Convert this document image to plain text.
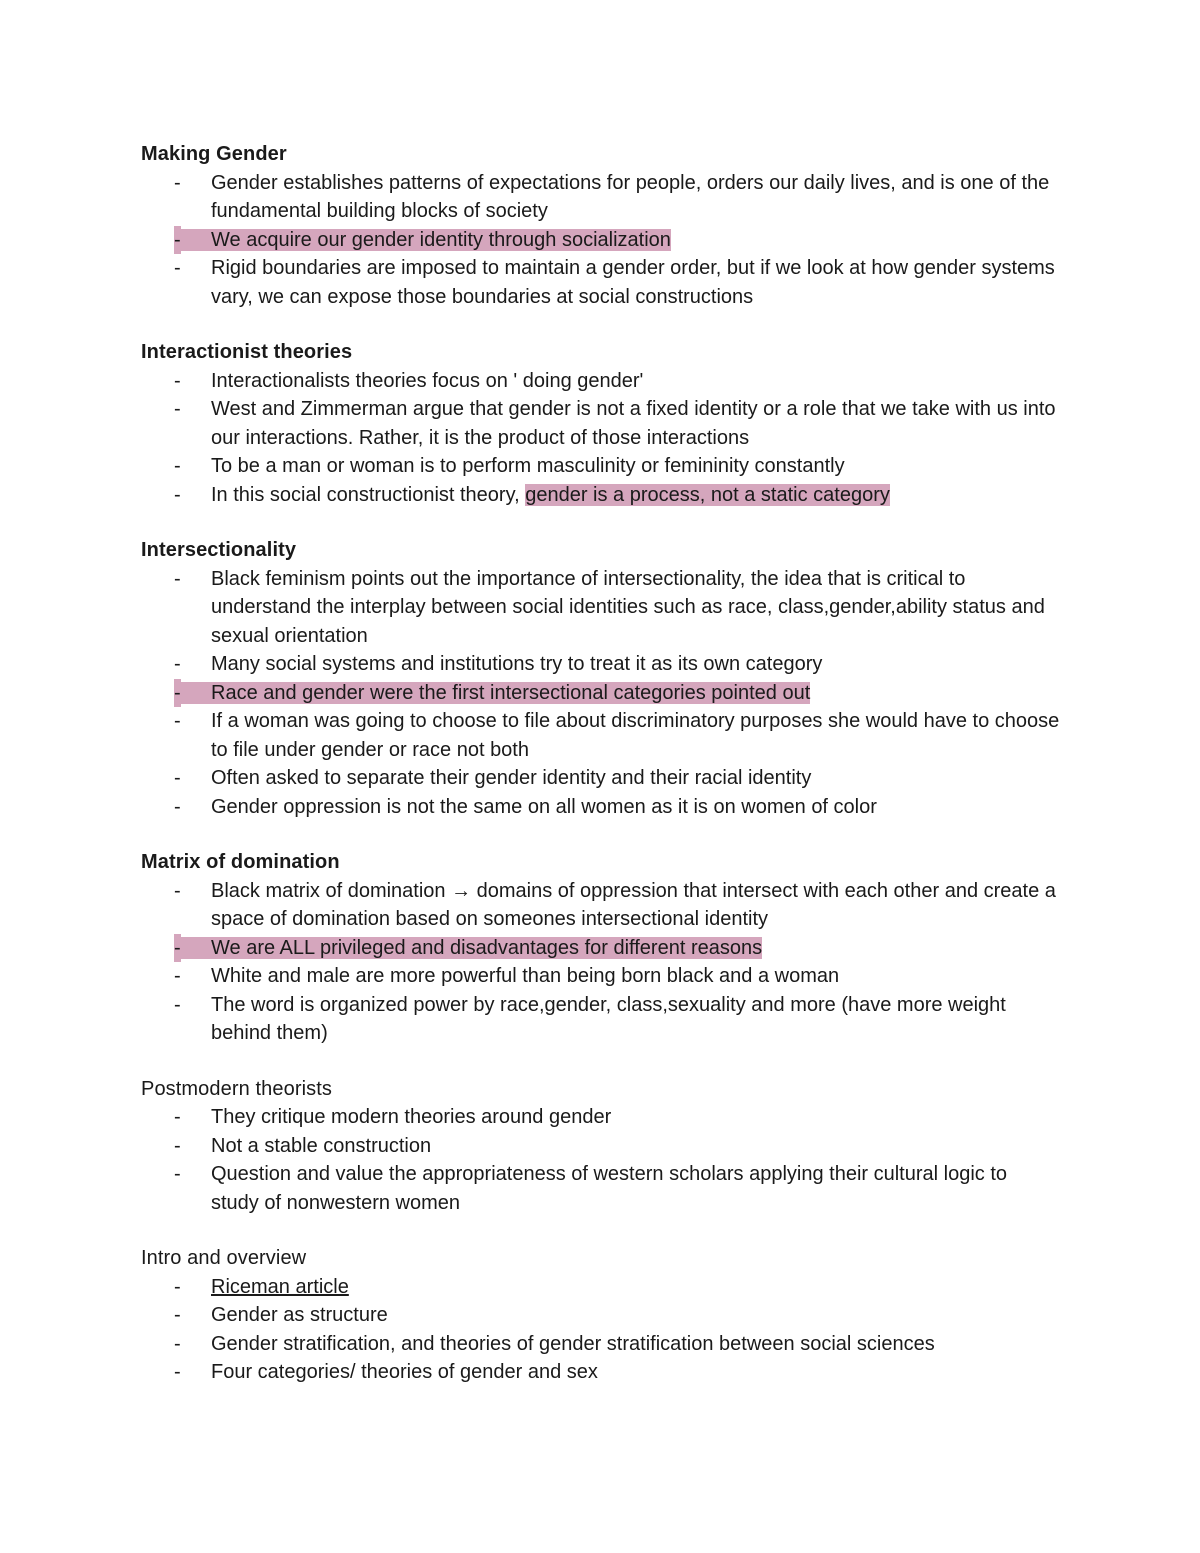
Making Gender

- Gender establishes patterns of expectations for people, orders our daily lives, and is one of the fundamental building blocks of society
- We acquire our gender identity through socialization
- Rigid boundaries are imposed to maintain a gender order, but if we look at how gender systems vary, we can expose those boundaries at social constructions

Interactionist theories

- Interactionalists theories focus on ' doing gender'
- West and Zimmerman argue that gender is not a fixed identity or a role that we take with us into our interactions. Rather, it is the product of those interactions
- To be a man or woman is to perform masculinity or femininity constantly
- In this social constructionist theory, gender is a process, not a static category

Intersectionality

- Black feminism points out the importance of intersectionality, the idea that is critical to understand the interplay between social identities such as race, class,gender,ability status and sexual orientation
- Many social systems and institutions try to treat it as its own category
- Race and gender were the first intersectional categories pointed out
- If a woman was going to choose to file about discriminatory purposes she would have to choose to file under gender or race not both
- Often asked to separate their gender identity and their racial identity
- Gender oppression is not the same on all women as it is on women of color

Matrix of domination

- Black matrix of domination → domains of oppression that intersect with each other and create a space of domination based on someones intersectional identity
- We are ALL privileged and disadvantages for different reasons
- White and male are more powerful than being born black and a woman
- The word is organized power by race,gender, class,sexuality and more (have more weight behind them)

Postmodern theorists

- They critique modern theories around gender
- Not a stable construction
- Question and value the appropriateness of western scholars applying their cultural logic to study of nonwestern women

Intro and overview

- Riceman article
- Gender as structure
- Gender stratification, and theories of gender stratification between social sciences
- Four categories/ theories of gender and sex
